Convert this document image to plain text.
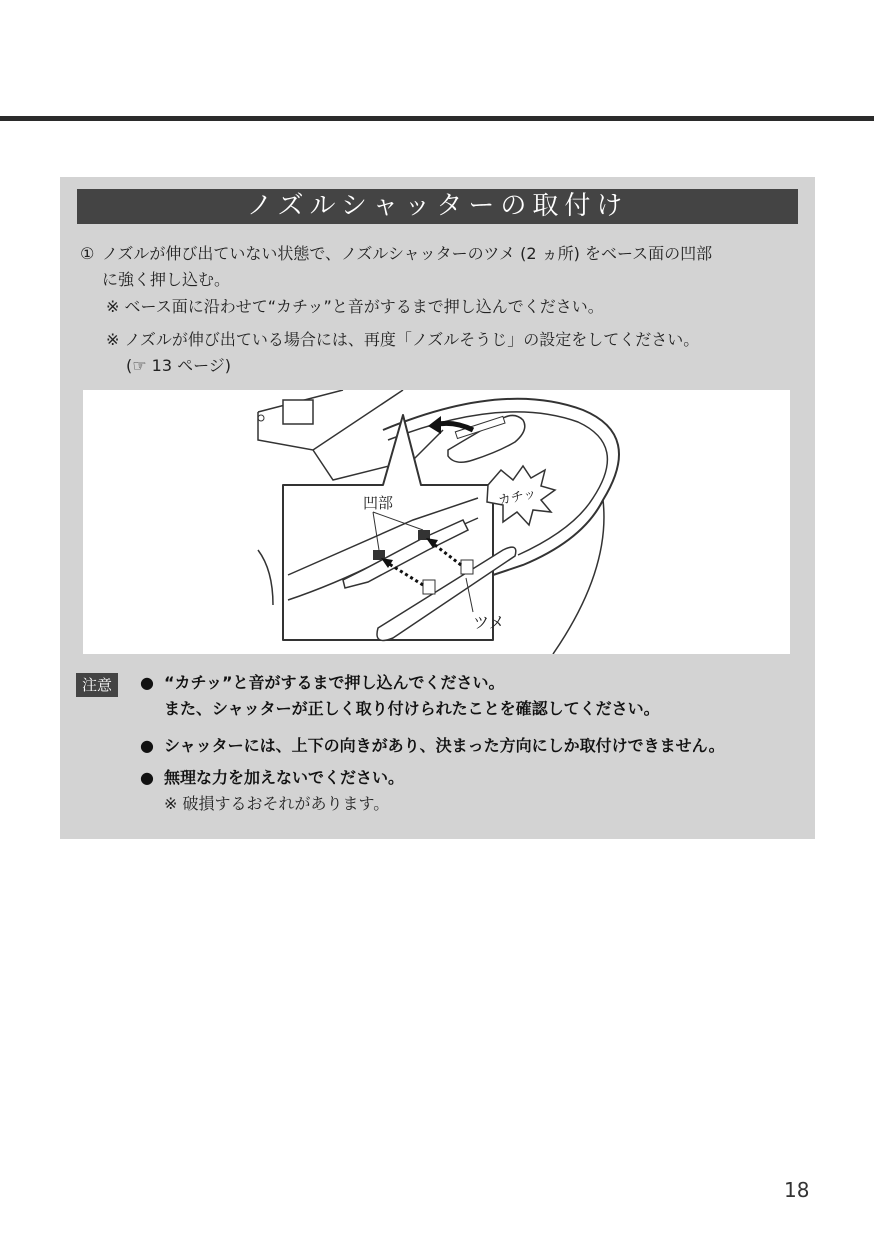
ノズルシャッターの取付け
① ノズルが伸び出ていない状態で、ノズルシャッターのツメ (2 ヵ所) をベース面の凹部
に強く押し込む。
※ ベース面に沿わせて“カチッ”と音がするまで押し込んでください。
※ ノズルが伸び出ている場合には、再度「ノズルそうじ」の設定をしてください。
(☞ 13 ページ)
凹部	カチッ
ツメ
注意	● “カチッ”と音がするまで押し込んでください。
また、シャッターが正しく取り付けられたことを確認してください。
● シャッターには、上下の向きがあり、決まった方向にしか取付けできません。
● 無理な力を加えないでください。
※ 破損するおそれがあります。
18
